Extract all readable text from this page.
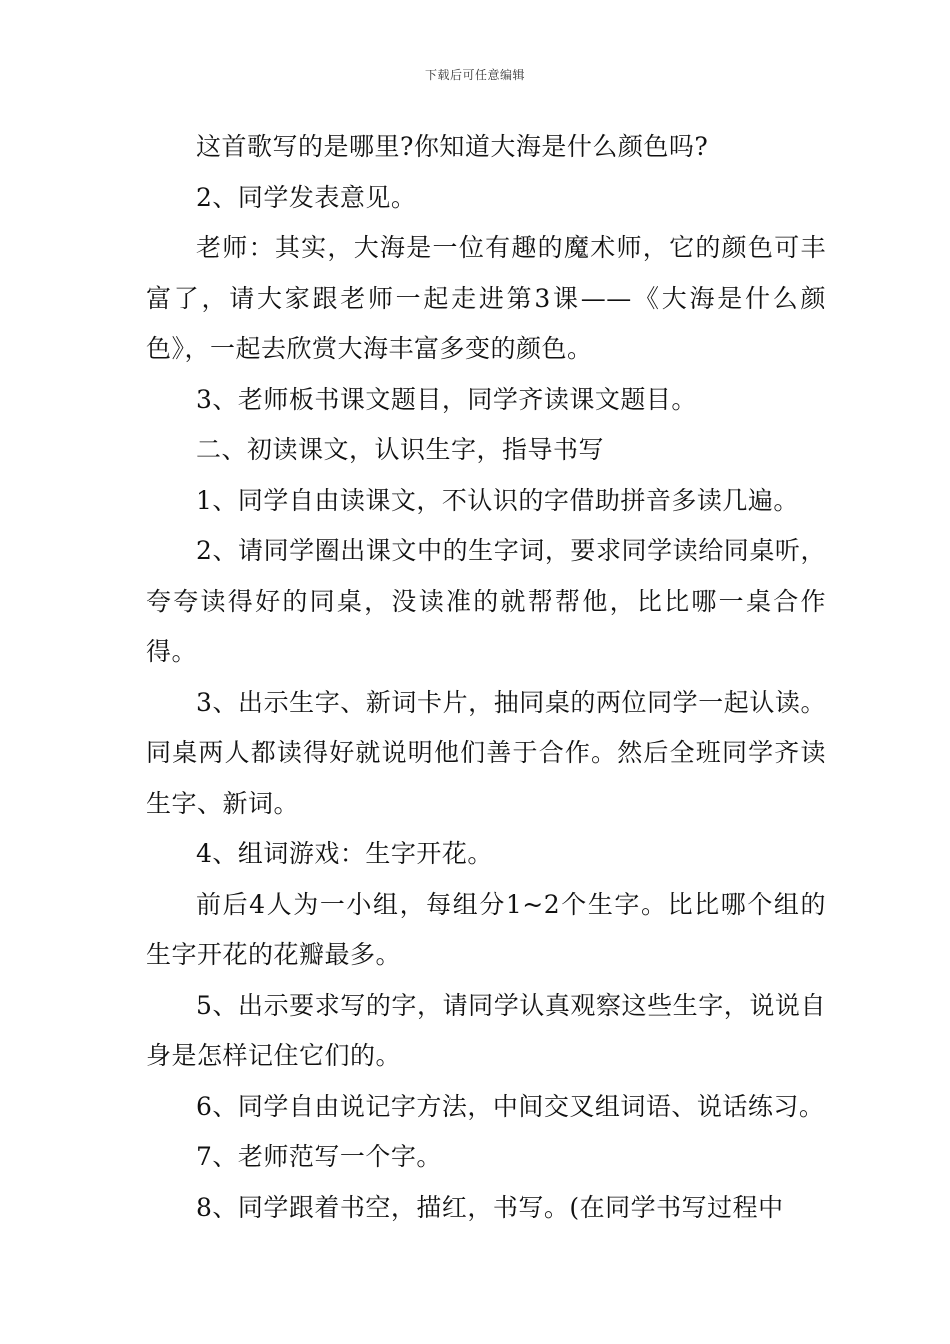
下载后可任意编辑

这首歌写的是哪里?你知道大海是什么颜色吗?

2、同学发表意见。

老师：其实，大海是一位有趣的魔术师，它的颜色可丰富了，请大家跟老师一起走进第3课——《大海是什么颜色》，一起去欣赏大海丰富多变的颜色。

3、老师板书课文题目，同学齐读课文题目。

二、初读课文，认识生字，指导书写

1、同学自由读课文，不认识的字借助拼音多读几遍。

2、请同学圈出课文中的生字词，要求同学读给同桌听，夸夸读得好的同桌，没读准的就帮帮他，比比哪一桌合作得。

3、出示生字、新词卡片，抽同桌的两位同学一起认读。同桌两人都读得好就说明他们善于合作。然后全班同学齐读生字、新词。

4、组词游戏：生字开花。

前后4人为一小组，每组分1~2个生字。比比哪个组的生字开花的花瓣最多。

5、出示要求写的字，请同学认真观察这些生字，说说自身是怎样记住它们的。

6、同学自由说记字方法，中间交叉组词语、说话练习。

7、老师范写一个字。

8、同学跟着书空，描红，书写。(在同学书写过程中
